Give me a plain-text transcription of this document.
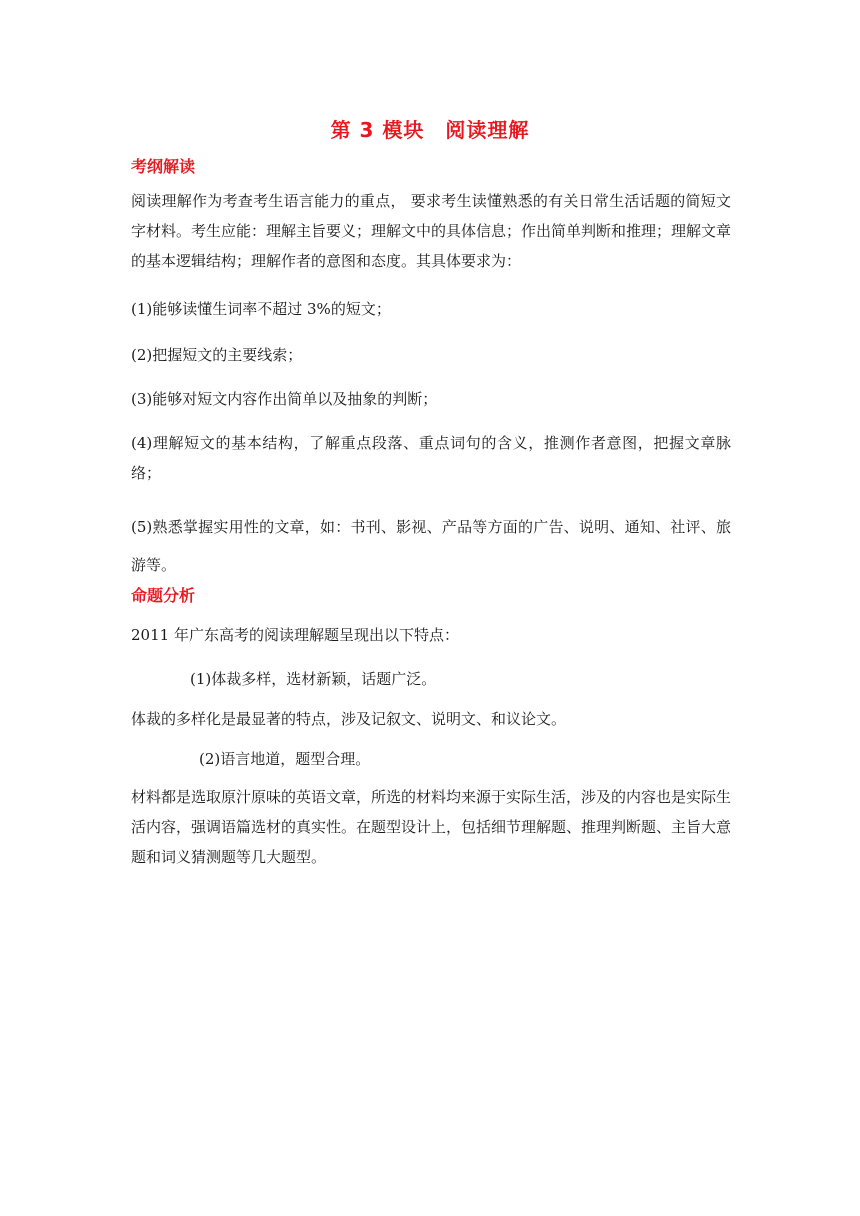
第 3 模块　阅读理解
考纲解读
阅读理解作为考查考生语言能力的重点， 要求考生读懂熟悉的有关日常生活话题的简短文字材料。考生应能：理解主旨要义；理解文中的具体信息；作出简单判断和推理；理解文章的基本逻辑结构；理解作者的意图和态度。其具体要求为：
(1)能够读懂生词率不超过 3%的短文；
(2)把握短文的主要线索；
(3)能够对短文内容作出简单以及抽象的判断；
(4)理解短文的基本结构，了解重点段落、重点词句的含义，推测作者意图，把握文章脉络；
(5)熟悉掌握实用性的文章，如：书刊、影视、产品等方面的广告、说明、通知、社评、旅游等。
命题分析
2011 年广东高考的阅读理解题呈现出以下特点：
(1)体裁多样，选材新颖，话题广泛。
体裁的多样化是最显著的特点，涉及记叙文、说明文、和议论文。
(2)语言地道，题型合理。
材料都是选取原汁原味的英语文章，所选的材料均来源于实际生活，涉及的内容也是实际生活内容，强调语篇选材的真实性。在题型设计上，包括细节理解题、推理判断题、主旨大意题和词义猜测题等几大题型。
